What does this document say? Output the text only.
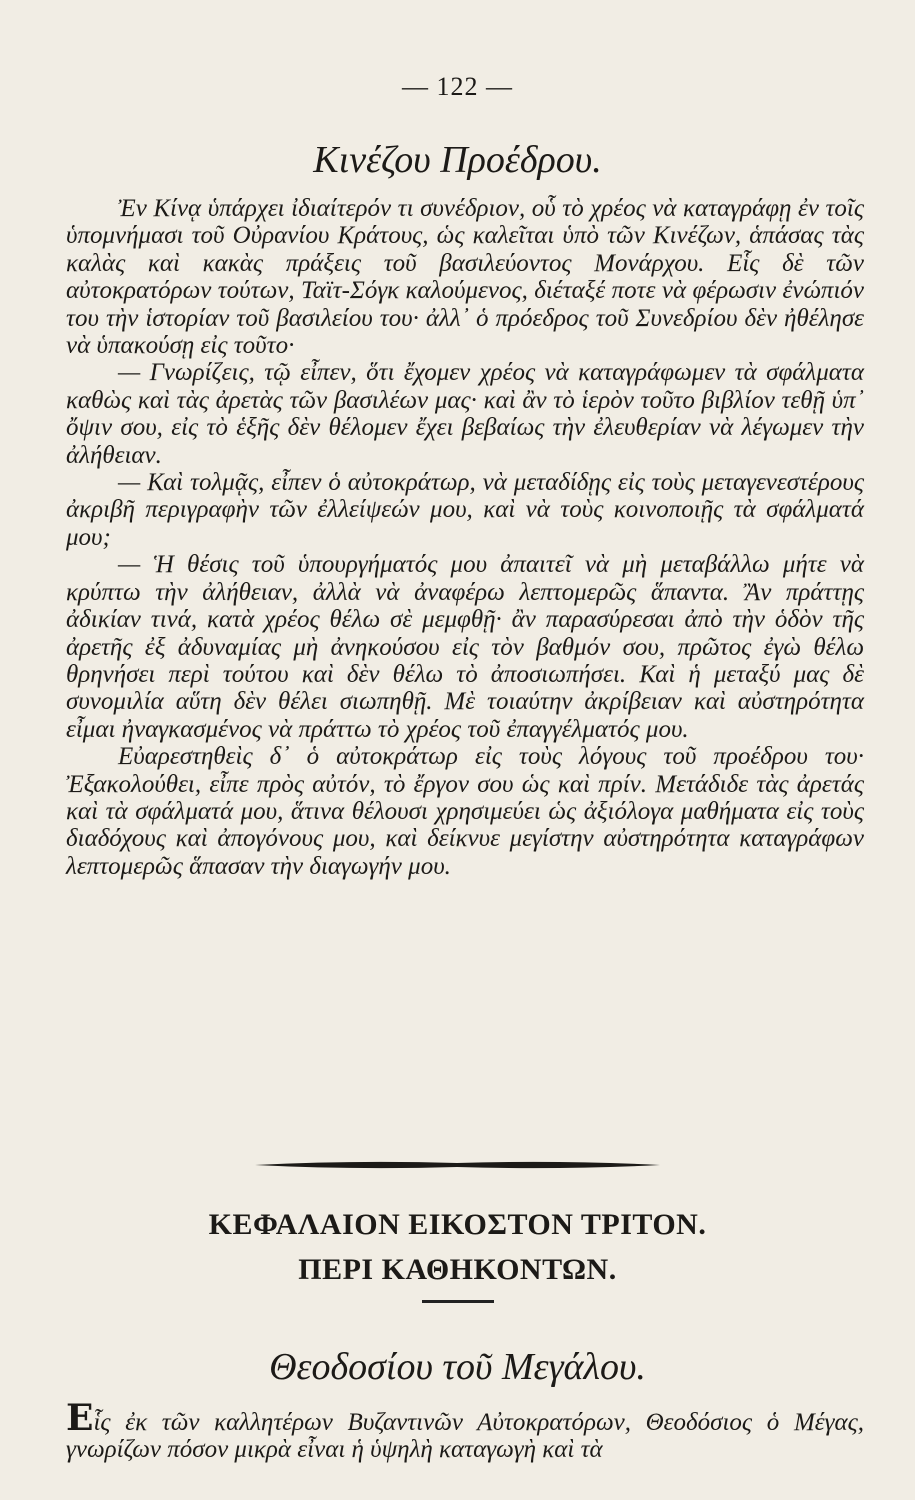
— 122 —
Κινέζου Προέδρου.

Ἐν Κίνᾳ ὑπάρχει ἰδιαίτερόν τι συνέδριον, οὗ τὸ χρέος νὰ καταγράφῃ ἐν τοῖς ὑπομνήμασι τοῦ Οὐρανίου Κράτους, ὡς καλεῖται ὑπὸ τῶν Κινέζων, ἁπάσας τὰς καλὰς καὶ κακὰς πράξεις τοῦ βασιλεύοντος Μονάρχου. Εἷς δὲ τῶν αὐτοκρατόρων τούτων, Ταϊτ-Σόγκ καλούμενος, διέταξέ ποτε νὰ φέρωσιν ἐνώπιόν του τὴν ἱστορίαν τοῦ βασιλείου του· ἀλλ᾽ ὁ πρόεδρος τοῦ Συνεδρίου δὲν ἠθέλησε νὰ ὑπακούσῃ εἰς τοῦτο·

— Γνωρίζεις, τῷ εἶπεν, ὅτι ἔχομεν χρέος νὰ καταγράφωμεν τὰ σφάλματα καθὼς καὶ τὰς ἀρετὰς τῶν βασιλέων μας· καὶ ἂν τὸ ἱερὸν τοῦτο βιβλίον τεθῇ ὑπ᾽ ὄψιν σου, εἰς τὸ ἑξῆς δὲν θέλομεν ἔχει βεβαίως τὴν ἐλευθερίαν νὰ λέγωμεν τὴν ἀλήθειαν.

— Καὶ τολμᾷς, εἶπεν ὁ αὐτοκράτωρ, νὰ μεταδίδῃς εἰς τοὺς μεταγενεστέρους ἀκριβῆ περιγραφὴν τῶν ἐλλείψεών μου, καὶ νὰ τοὺς κοινοποιῇς τὰ σφάλματά μου;

— Ἡ θέσις τοῦ ὑπουργήματός μου ἀπαιτεῖ νὰ μὴ μεταβάλλω μήτε νὰ κρύπτω τὴν ἀλήθειαν, ἀλλὰ νὰ ἀναφέρω λεπτομερῶς ἅπαντα. Ἂν πράττῃς ἀδικίαν τινά, κατὰ χρέος θέλω σὲ μεμφθῇ· ἂν παρασύρεσαι ἀπὸ τὴν ὁδὸν τῆς ἀρετῆς ἐξ ἀδυναμίας μὴ ἀνηκούσου εἰς τὸν βαθμόν σου, πρῶτος ἐγὼ θέλω θρηνήσει περὶ τούτου καὶ δὲν θέλω τὸ ἀποσιωπήσει. Καὶ ἡ μεταξύ μας δὲ συνομιλία αὕτη δὲν θέλει σιωπηθῇ. Μὲ τοιαύτην ἀκρίβειαν καὶ αὐστηρότητα εἶμαι ἠναγκασμένος νὰ πράττω τὸ χρέος τοῦ ἐπαγγέλματός μου.

Εὐαρεστηθεὶς δ᾽ ὁ αὐτοκράτωρ εἰς τοὺς λόγους τοῦ προέδρου του· Ἐξακολούθει, εἶπε πρὸς αὐτόν, τὸ ἔργον σου ὡς καὶ πρίν. Μετάδιδε τὰς ἀρετάς καὶ τὰ σφάλματά μου, ἅτινα θέλουσι χρησιμεύει ὡς ἀξιόλογα μαθήματα εἰς τοὺς διαδόχους καὶ ἀπογόνους μου, καὶ δείκνυε μεγίστην αὐστηρότητα καταγράφων λεπτομερῶς ἅπασαν τὴν διαγωγήν μου.

ΚΕΦΑΛΑΙΟΝ ΕΙΚΟΣΤΟΝ ΤΡΙΤΟΝ.
ΠΕΡΙ ΚΑΘΗΚΟΝΤΩΝ.
Θεοδοσίου τοῦ Μεγάλου.

Εἷς ἐκ τῶν καλλητέρων Βυζαντινῶν Αὐτοκρατόρων, Θεοδόσιος ὁ Μέγας, γνωρίζων πόσον μικρὰ εἶναι ἡ ὑψηλὴ καταγωγὴ καὶ τὰ
